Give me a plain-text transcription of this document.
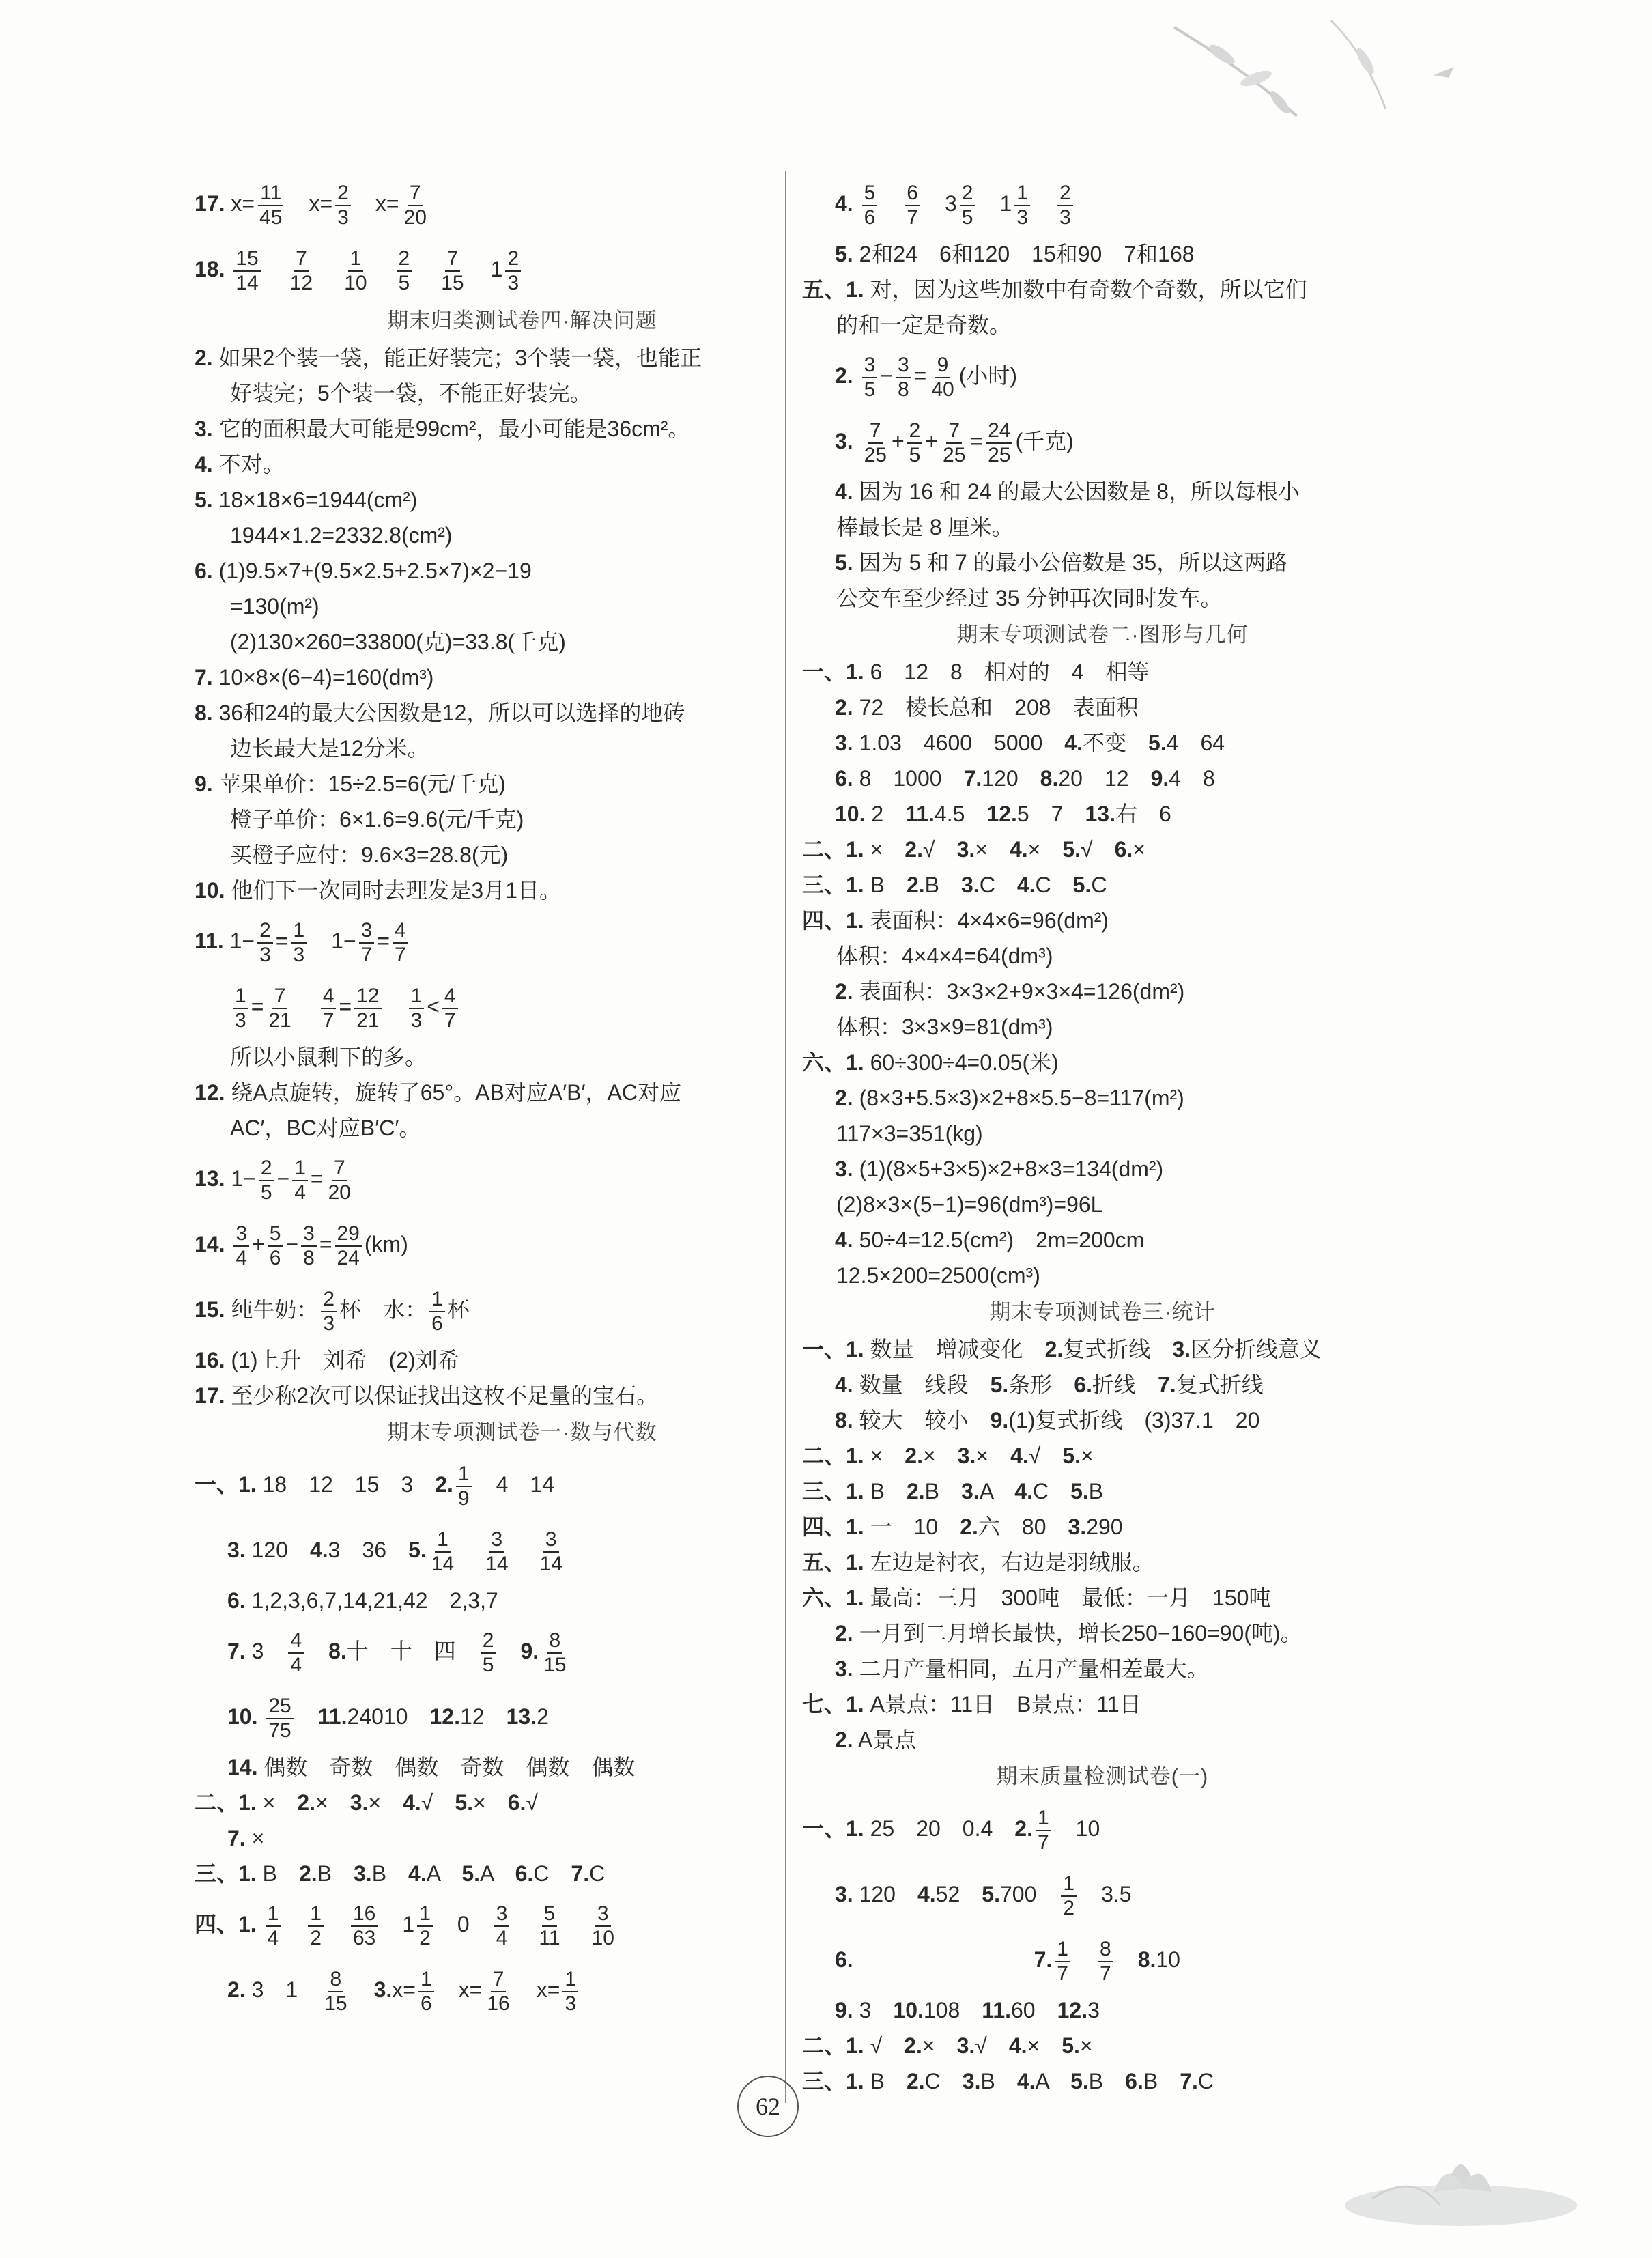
17. $x= \frac{11}{45}$ 　$x= \frac{2}{3}$ 　$x= \frac{7}{20}$
18. $\frac{15}{14}$
　 $\frac{7}{12}$
　 $\frac{1}{10}$
　 $\frac{2}{5}$
　 $\frac{7}{15}$ 　$1 \frac{2}{3}$
期末归类测试卷四·解决问题
2. 如果2个装一袋，能正好装完；3个装一袋，也能正
好装完；5个装一袋，不能正好装完。
3. 它的面积最大可能是99cm²，最小可能是36cm²。
4. 不对。
5. 18×18×6=1944(cm²)
1944×1.2=2332.8(cm²)
6. (1)9.5×7+(9.5×2.5+2.5×7)×2−19
=130(m²)
(2)130×260=33800(克)=33.8(千克)
7. 10×8×(6−4)=160(dm³)
8. 36和24的最大公因数是12，所以可以选择的地砖
边长最大是12分米。
9. 苹果单价：15÷2.5=6(元/千克)
橙子单价：6×1.6=9.6(元/千克)
买橙子应付：9.6×3=28.8(元)
10. 他们下一次同时去理发是3月1日。
11. $1- \frac{2}{3} = \frac{1}{3}$ 　$1- \frac{3}{7} = \frac{4}{7}$
$\frac{1}{3} = \frac{7}{21}$
　 $\frac{4}{7} = \frac{12}{21}$
　 $\frac{1}{3} < \frac{4}{7}$
所以小鼠剩下的多。
12. 绕A点旋转，旋转了65°。AB对应A′B′，AC对应
AC′，BC对应B′C′。
13. $1- \frac{2}{5} - \frac{1}{4} = \frac{7}{20}$
14. $\frac{3}{4} + \frac{5}{6} - \frac{3}{8} = \frac{29}{24} (km)$
15. 纯牛奶： $\frac{2}{3}$ 杯　水： $\frac{1}{6}$ 杯
16. (1)上升　刘希　(2)刘希
17. 至少称2次可以保证找出这枚不足量的宝石。
期末专项测试卷一·数与代数
一、1. 18　12　15　3　2. $\frac{1}{9}$ 　4　14
3. 120　4.3　36　5. $\frac{1}{14}$
　 $\frac{3}{14}$
　 $\frac{3}{14}$
6. 1,2,3,6,7,14,21,42　2,3,7
7. 3　 $\frac{4}{4}$
　 8.十　十　四　 $\frac{2}{5}$
　 9. $\frac{8}{15}$
10. $\frac{25}{75}$
　 11.24010　12.12　13.2
14. 偶数　奇数　偶数　奇数　偶数　偶数
二、1. ×　2.×　3.×　4.√　5.×　6.√
7. ×
三、1. B　2.B　3.B　4.A　5.A　6.C　7.C
四、1. $\frac{1}{4}$
　 $\frac{1}{2}$
　 $\frac{16}{63}$ 　$1 \frac{1}{2}$ 　0　 $\frac{3}{4}$
　 $\frac{5}{11}$
　 $\frac{3}{10}$
2. 3　1　 $\frac{8}{15}$
　 $3.x= \frac{1}{6}$ 　$x= \frac{7}{16}$ 　$x= \frac{1}{3}$
4. $\frac{5}{6}$
　 $\frac{6}{7}$ 　$3 \frac{2}{5}$ 　$1 \frac{1}{3}$
　 $\frac{2}{3}$
5. 2和24　6和120　15和90　7和168
五、1. 对，因为这些加数中有奇数个奇数，所以它们
的和一定是奇数。
2. $\frac{3}{5} - \frac{3}{8} = \frac{9}{40}$ (小时)
3. $\frac{7}{25} + \frac{2}{5} + \frac{7}{25} = \frac{24}{25}$ (千克)
4. 因为 16 和 24 的最大公因数是 8，所以每根小
棒最长是 8 厘米。
5. 因为 5 和 7 的最小公倍数是 35，所以这两路
公交车至少经过 35 分钟再次同时发车。
期末专项测试卷二·图形与几何
一、1. 6　12　8　相对的　4　相等
2. 72　棱长总和　208　表面积
3. 1.03　4600　5000　4.不变　5.4　64
6. 8　1000　7.120　8.20　12　9.4　8
10. 2　11.4.5　12.5　7　13.右　6
二、1. ×　2.√　3.×　4.×　5.√　6.×
三、1. B　2.B　3.C　4.C　5.C
四、1. 表面积：4×4×6=96(dm²)
体积：4×4×4=64(dm³)
2. 表面积：3×3×2+9×3×4=126(dm²)
体积：3×3×9=81(dm³)
六、1. 60÷300÷4=0.05(米)
2. (8×3+5.5×3)×2+8×5.5−8=117(m²)
117×3=351(kg)
3. (1)(8×5+3×5)×2+8×3=134(dm²)
(2)8×3×(5−1)=96(dm³)=96L
4. 50÷4=12.5(cm²)　2m=200cm
12.5×200=2500(cm³)
期末专项测试卷三·统计
一、1. 数量　增减变化　2.复式折线　3.区分折线意义
4. 数量　线段　5.条形　6.折线　7.复式折线
8. 较大　较小　9.(1)复式折线　(3)37.1　20
二、1. ×　2.×　3.×　4.√　5.×
三、1. B　2.B　3.A　4.C　5.B
四、1. 一　10　2.六　80　3.290
五、1. 左边是衬衣，右边是羽绒服。
六、1. 最高：三月　300吨　最低：一月　150吨
2. 一月到二月增长最快，增长250−160=90(吨)。
3. 二月产量相同，五月产量相差最大。
七、1. A景点：11日　B景点：11日
2. A景点
期末质量检测试卷(一)
一、1. 25　20　0.4　2. $\frac{1}{7}$ 　10
3. 120　4.52　5.700　 $\frac{1}{2}$ 　3.5
6. 　　　　　　　　	7. $\frac{1}{7}$
　 $\frac{8}{7}$
　 8.10
9. 3　10.108　11.60　12.3
二、1. √　2.×　3.√　4.×　5.×
三、1. B　2.C　3.B　4.A　5.B　6.B　7.C
62
